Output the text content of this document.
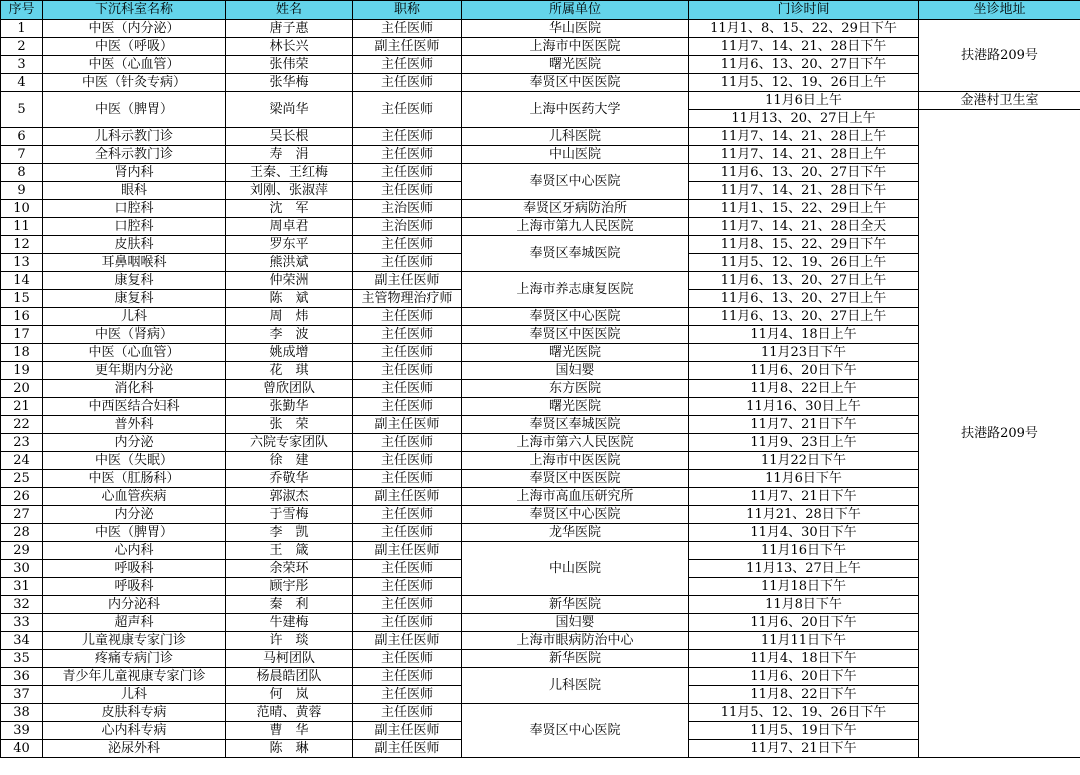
序号	下沉科室名称	姓名	职称	所属单位	门诊时间	坐诊地址
1	中医（内分泌）	唐子惠	主任医师	华山医院	11月1、8、15、22、29日下午	扶港路209号
2	中医（呼吸）	林长兴	副主任医师	上海市中医医院	11月7、14、21、28日下午	
3	中医（心血管）	张伟荣	主任医师	曙光医院	11月6、13、20、27日下午	
4	中医（针灸专病）	张华梅	主任医师	奉贤区中医医院	11月5、12、19、26日上午	
5	中医（脾胃）	梁尚华	主任医师	上海中医药大学	11月6日上午	金港村卫生室
					11月13、20、27日上午	扶港路209号
6	儿科示教门诊	吴长根	主任医师	儿科医院	11月7、14、21、28日上午	
7	全科示教门诊	寿　涓	主任医师	中山医院	11月7、14、21、28日上午	
8	肾内科	王秦、王红梅	主任医师	奉贤区中心医院	11月6、13、20、27日下午	
9	眼科	刘刚、张淑萍	主任医师		11月7、14、21、28日下午	
10	口腔科	沈　军	主治医师	奉贤区牙病防治所	11月1、15、22、29日上午	
11	口腔科	周卓君	主治医师	上海市第九人民医院	11月7、14、21、28日全天	
12	皮肤科	罗东平	主任医师	奉贤区奉城医院	11月8、15、22、29日下午	
13	耳鼻咽喉科	熊洪斌	主任医师		11月5、12、19、26日上午	
14	康复科	仲荣洲	副主任医师	上海市养志康复医院	11月6、13、20、27日上午	
15	康复科	陈　斌	主管物理治疗师		11月6、13、20、27日上午	
16	儿科	周　炜	主任医师	奉贤区中心医院	11月6、13、20、27日上午	
17	中医（肾病）	李　波	主任医师	奉贤区中医医院	11月4、18日上午	
18	中医（心血管）	姚成增	主任医师	曙光医院	11月23日下午	
19	更年期内分泌	花　琪	主任医师	国妇婴	11月6、20日下午	
20	消化科	曾欣团队	主任医师	东方医院	11月8、22日上午	
21	中西医结合妇科	张勤华	主任医师	曙光医院	11月16、30日上午	
22	普外科	张　荣	副主任医师	奉贤区奉城医院	11月7、21日下午	
23	内分泌	六院专家团队	主任医师	上海市第六人民医院	11月9、23日上午	
24	中医（失眠）	徐　建	主任医师	上海市中医医院	11月22日下午	
25	中医（肛肠科）	乔敬华	主任医师	奉贤区中医医院	11月6日下午	
26	心血管疾病	郭淑杰	副主任医师	上海市高血压研究所	11月7、21日下午	
27	内分泌	于雪梅	主任医师	奉贤区中心医院	11月21、28日下午	
28	中医（脾胃）	李　凯	主任医师	龙华医院	11月4、30日下午	
29	心内科	王　箴	副主任医师	中山医院	11月16日下午	
30	呼吸科	余荣环	主任医师		11月13、27日上午	
31	呼吸科	顾宇彤	主任医师		11月18日下午	
32	内分泌科	秦　利	主任医师	新华医院	11月8日下午	
33	超声科	牛建梅	主任医师	国妇婴	11月6、20日下午	
34	儿童视康专家门诊	许　琰	副主任医师	上海市眼病防治中心	11月11日下午	
35	疼痛专病门诊	马柯团队	主任医师	新华医院	11月4、18日下午	
36	青少年儿童视康专家门诊	杨晨皓团队	主任医师	儿科医院	11月6、20日下午	
37	儿科	何　岚	主任医师		11月8、22日下午	
38	皮肤科专病	范晴、黄蓉	主任医师	奉贤区中心医院	11月5、12、19、26日下午	
39	心内科专病	曹　华	副主任医师		11月5、19日下午	
40	泌尿外科	陈　琳	副主任医师		11月7、21日下午	
